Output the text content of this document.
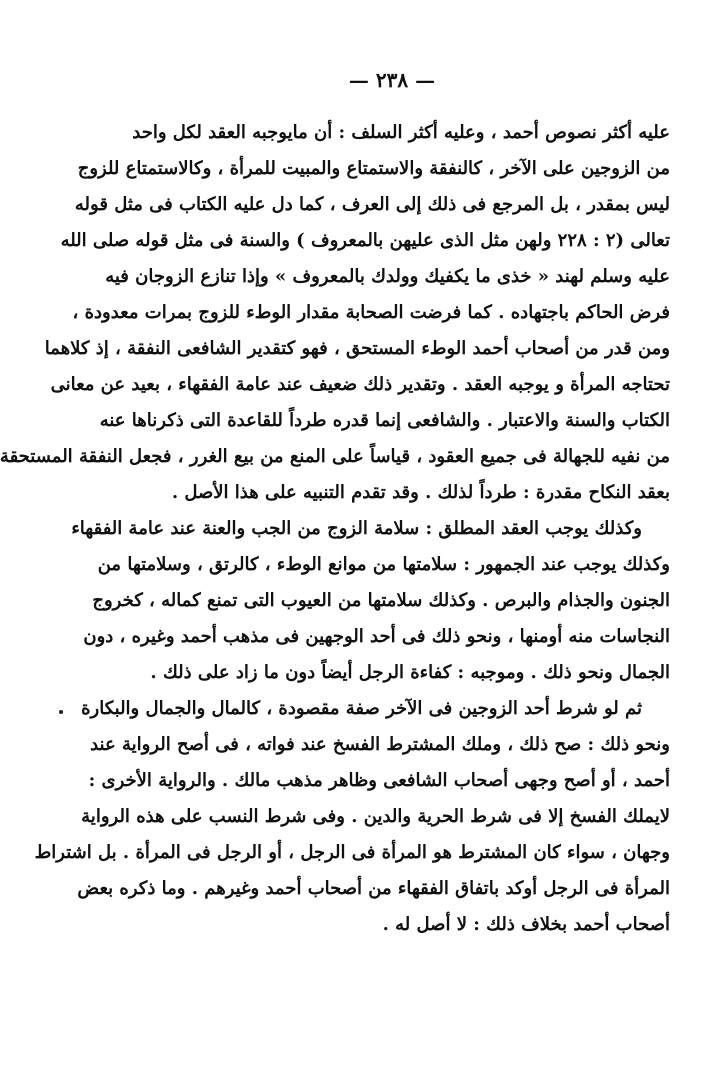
— ٢٣٨ —
عليه أكثر نصوص أحمد ، وعليه أكثر السلف : أن مايوجبه العقد لكل واحد
من الزوجين على الآخر ، كالنفقة والاستمتاع والمبيت للمرأة ، وكالاستمتاع للزوج
ليس بمقدر ، بل المرجع فى ذلك إلى العرف ، كما دل عليه الكتاب فى مثل قوله
تعالى (٢ : ٢٢٨ ولهن مثل الذى عليهن بالمعروف ) والسنة فى مثل قوله صلى الله
عليه وسلم لهند « خذى ما يكفيك وولدك بالمعروف » وإذا تنازع الزوجان فيه
فرض الحاكم باجتهاده . كما فرضت الصحابة مقدار الوطء للزوج بمرات معدودة ،
ومن قدر من أصحاب أحمد الوطء المستحق ، فهو كتقدير الشافعى النفقة ، إذ كلاهما
تحتاجه المرأة و يوجبه العقد . وتقدير ذلك ضعيف عند عامة الفقهاء ، بعيد عن معانى
الكتاب والسنة والاعتبار . والشافعى إنما قدره طرداً للقاعدة التى ذكرناها عنه
من نفيه للجهالة فى جميع العقود ، قياساً على المنع من بيع الغرر ، فجعل النفقة المستحقة
بعقد النكاح مقدرة : طرداً لذلك . وقد تقدم التنبيه على هذا الأصل .
وكذلك يوجب العقد المطلق : سلامة الزوج من الجب والعنة عند عامة الفقهاء
وكذلك يوجب عند الجمهور : سلامتها من موانع الوطء ، كالرتق ، وسلامتها من
الجنون والجذام والبرص . وكذلك سلامتها من العيوب التى تمنع كماله ، كخروج
النجاسات منه أومنها ، ونحو ذلك فى أحد الوجهين فى مذهب أحمد وغيره ، دون
الجمال ونحو ذلك . وموجبه : كفاءة الرجل أيضاً دون ما زاد على ذلك .
ثم لو شرط أحد الزوجين فى الآخر صفة مقصودة ، كالمال والجمال والبكارة
ونحو ذلك : صح ذلك ، وملك المشترط الفسخ عند فواته ، فى أصح الرواية عند
أحمد ، أو أصح وجهى أصحاب الشافعى وظاهر مذهب مالك . والرواية الأخرى :
لايملك الفسخ إلا فى شرط الحرية والدين . وفى شرط النسب على هذه الرواية
وجهان ، سواء كان المشترط هو المرأة فى الرجل ، أو الرجل فى المرأة . بل اشتراط
المرأة فى الرجل أوكد باتفاق الفقهاء من أصحاب أحمد وغيرهم . وما ذكره بعض
أصحاب أحمد بخلاف ذلك : لا أصل له .
